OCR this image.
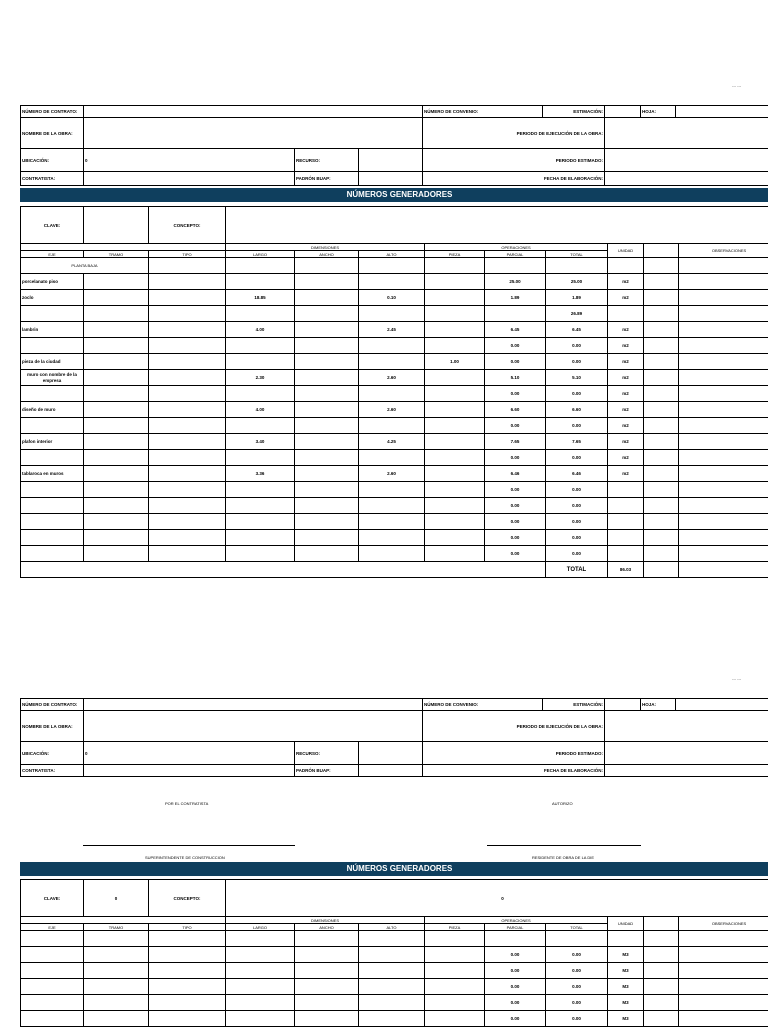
--- ---
NÚMERO DE CONTRATO:				NÚMERO DE CONVENIO:	ESTIMACIÓN:		HOJA:	
NOMBRE DE LA OBRA:				PERIODO DE EJECUCIÓN DE LA OBRA:				
UBICACIÓN:	0	RECURSO:		PERIODO ESTIMADO:				
CONTRATISTA:		PADRÓN BUAP:		FECHA DE ELABORACIÓN:				
NÚMEROS GENERADORES
CLAVE:		CONCEPTO:									
			DIMENSIONES			OPERACIONES			UNIDAD		OBSERVACIONES
EJE	TRAMO	TIPO	LARGO	ANCHO	ALTO	PIEZA	PARCIAL	TOTAL			
PLANTA BAJA											
porcelanato piso							25.00	25.00	m2		
zoclo			18.85		0.10		1.89	1.89	m2		
								26.89			
lambrin			4.00		2.45		6.45	6.45	m2		
							0.00	0.00	m2		
pieza de la ciudad						1.00	0.00	0.00	m2		
muro con nombre de la empresa			2.30		2.60		5.10	5.10	m2		
							0.00	0.00	m2		
diseño de muro			4.00		2.60		6.60	6.60	m2		
							0.00	0.00	m2		
plafon interior			3.40		4.25		7.65	7.65	m2		
							0.00	0.00	m2		
tablaroca en muros			3.36		2.60		6.46	6.46	m2		
							0.00	0.00			
							0.00	0.00			
							0.00	0.00			
							0.00	0.00			
							0.00	0.00			
								TOTAL	86.03		
--- ---
NÚMERO DE CONTRATO:				NÚMERO DE CONVENIO:	ESTIMACIÓN:		HOJA:	
NOMBRE DE LA OBRA:				PERIODO DE EJECUCIÓN DE LA OBRA:				
UBICACIÓN:	0	RECURSO:		PERIODO ESTIMADO:				
CONTRATISTA:		PADRÓN BUAP:		FECHA DE ELABORACIÓN:				
POR EL CONTRATISTA	AUTORIZO
SUPERINTENDENTE DE CONSTRUCCION	RESIDENTE DE OBRA DE LA DIE
NÚMEROS GENERADORES
CLAVE:	0	CONCEPTO:	0								
			DIMENSIONES			OPERACIONES			UNIDAD		OBSERVACIONES
EJE	TRAMO	TIPO	LARGO	ANCHO	ALTO	PIEZA	PARCIAL	TOTAL			

							0.00	0.00	M3		
							0.00	0.00	M3		
							0.00	0.00	M3		
							0.00	0.00	M3		
							0.00	0.00	M3		
